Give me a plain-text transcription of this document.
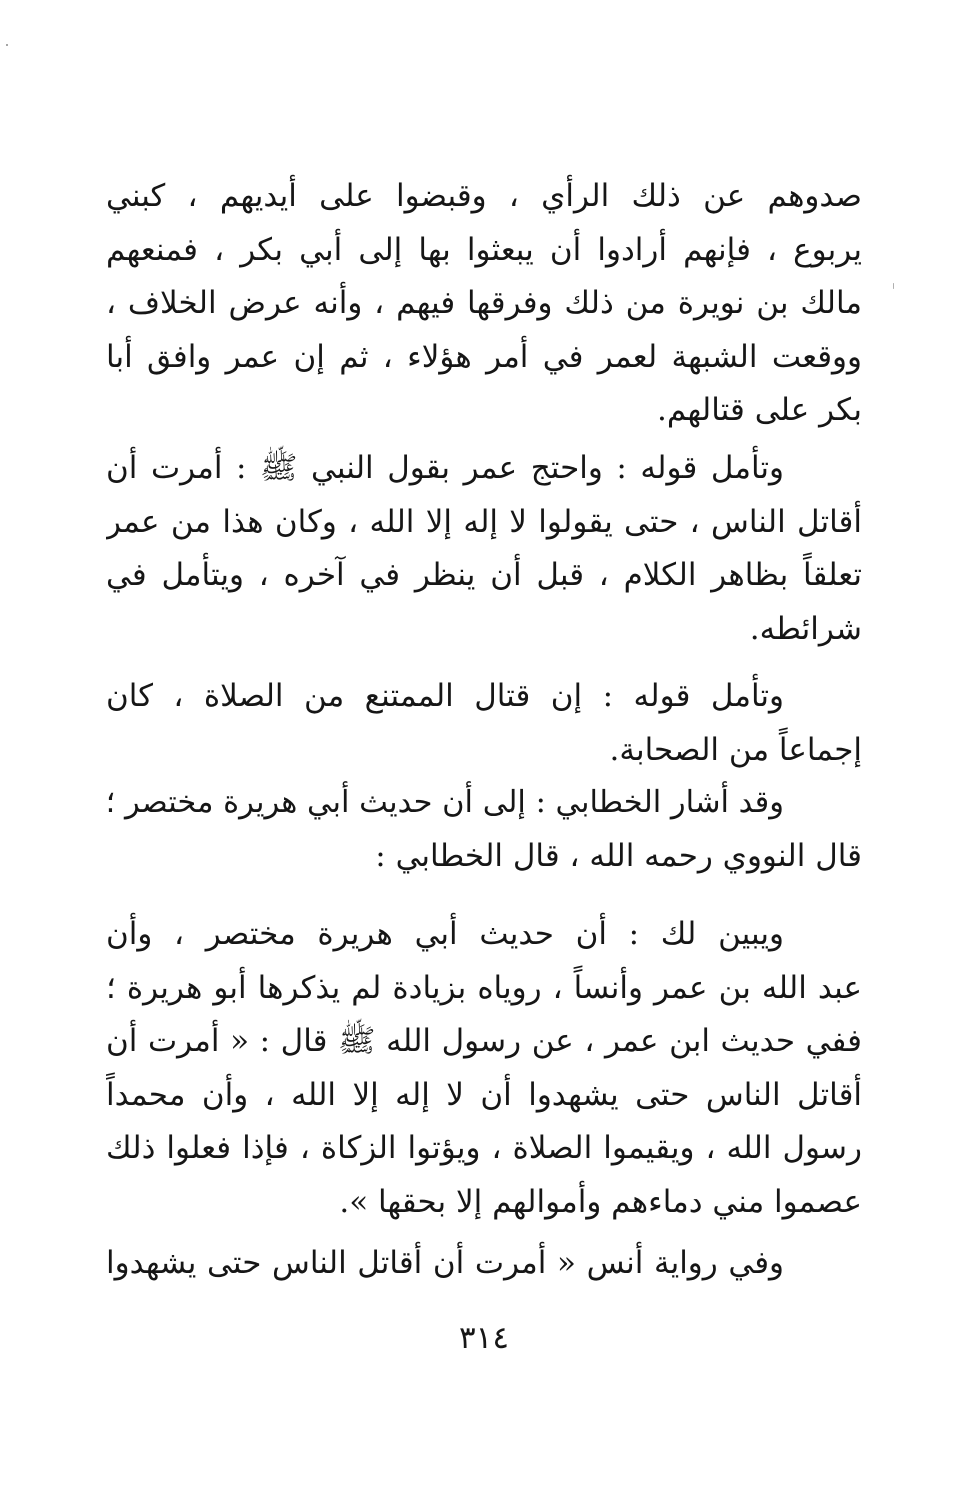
صدوهم عن ذلك الرأي ، وقبضوا على أيديهم ، كبني
يربوع ، فإنهم أرادوا أن يبعثوا بها إلى أبي بكر ، فمنعهم
مالك بن نويرة من ذلك وفرقها فيهم ، وأنه عرض الخلاف ،
ووقعت الشبهة لعمر في أمر هؤلاء ، ثم إن عمر وافق أبا
بكر على قتالهم.
وتأمل قوله : واحتج عمر بقول النبي ﷺ : أمرت أن
أقاتل الناس ، حتى يقولوا لا إله إلا الله ، وكان هذا من عمر
تعلقاً بظاهر الكلام ، قبل أن ينظر في آخره ، ويتأمل في
شرائطه.
وتأمل قوله : إن قتال الممتنع من الصلاة ، كان
إجماعاً من الصحابة.
وقد أشار الخطابي : إلى أن حديث أبي هريرة مختصر ؛
قال النووي رحمه الله ، قال الخطابي :
ويبين لك : أن حديث أبي هريرة مختصر ، وأن
عبد الله بن عمر وأنساً ، روياه بزيادة لم يذكرها أبو هريرة ؛
ففي حديث ابن عمر ، عن رسول الله ﷺ قال : « أمرت أن
أقاتل الناس حتى يشهدوا أن لا إله إلا الله ، وأن محمداً
رسول الله ، ويقيموا الصلاة ، ويؤتوا الزكاة ، فإذا فعلوا ذلك
عصموا مني دماءهم وأموالهم إلا بحقها ».
وفي رواية أنس « أمرت أن أقاتل الناس حتى يشهدوا
٣١٤
